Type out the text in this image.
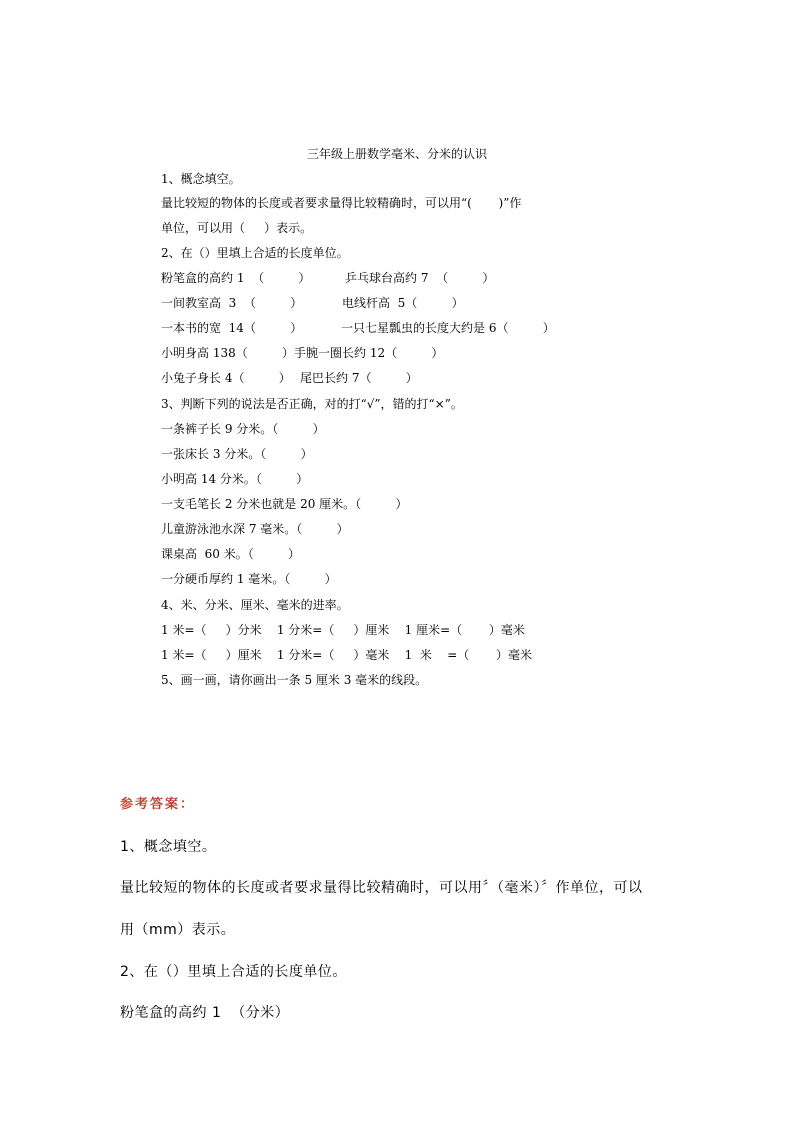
三年级上册数学毫米、分米的认识
1、概念填空。
量比较短的物体的长度或者要求量得比较精确时，可以用“(       )”作
单位，可以用（     ）表示。
2、在（）里填上合适的长度单位。
粉笔盒的高约 1  （         ）	乒乓球台高约 7  （         ）
一间教室高  3  （         ）	电线杆高  5（         ）
一本书的宽  14（         ）	一只七星瓢虫的长度大约是 6（         ）
小明身高 138（         ） 手腕一圈长约 12（         ）
小兔子身长 4（         ） 尾巴长约 7（         ）
3、判断下列的说法是否正确，对的打“√”，错的打“×”。
一条裤子长 9 分米。（         ）
一张床长 3 分米。（         ）
小明高 14 分米。（         ）
一支毛笔长 2 分米也就是 20 厘米。（         ）
儿童游泳池水深 7 毫米。（         ）
课桌高  60 米。（         ）
一分硬币厚约 1 毫米。（         ）
4、米、分米、厘米、毫米的进率。
1 米=（     ）分米    1 分米=（     ）厘米    1 厘米=（       ）毫米
1 米=（     ）厘米    1 分米=（     ）毫米    1  米    =（       ）毫米
5、画一画，请你画出一条 5 厘米 3 毫米的线段。
参考答案：
1、概念填空。
量比较短的物体的长度或者要求量得比较精确时，可以用〞（毫米）〞作单位，可以
用（mm）表示。
2、在（）里填上合适的长度单位。
粉笔盒的高约 1  （分米）
